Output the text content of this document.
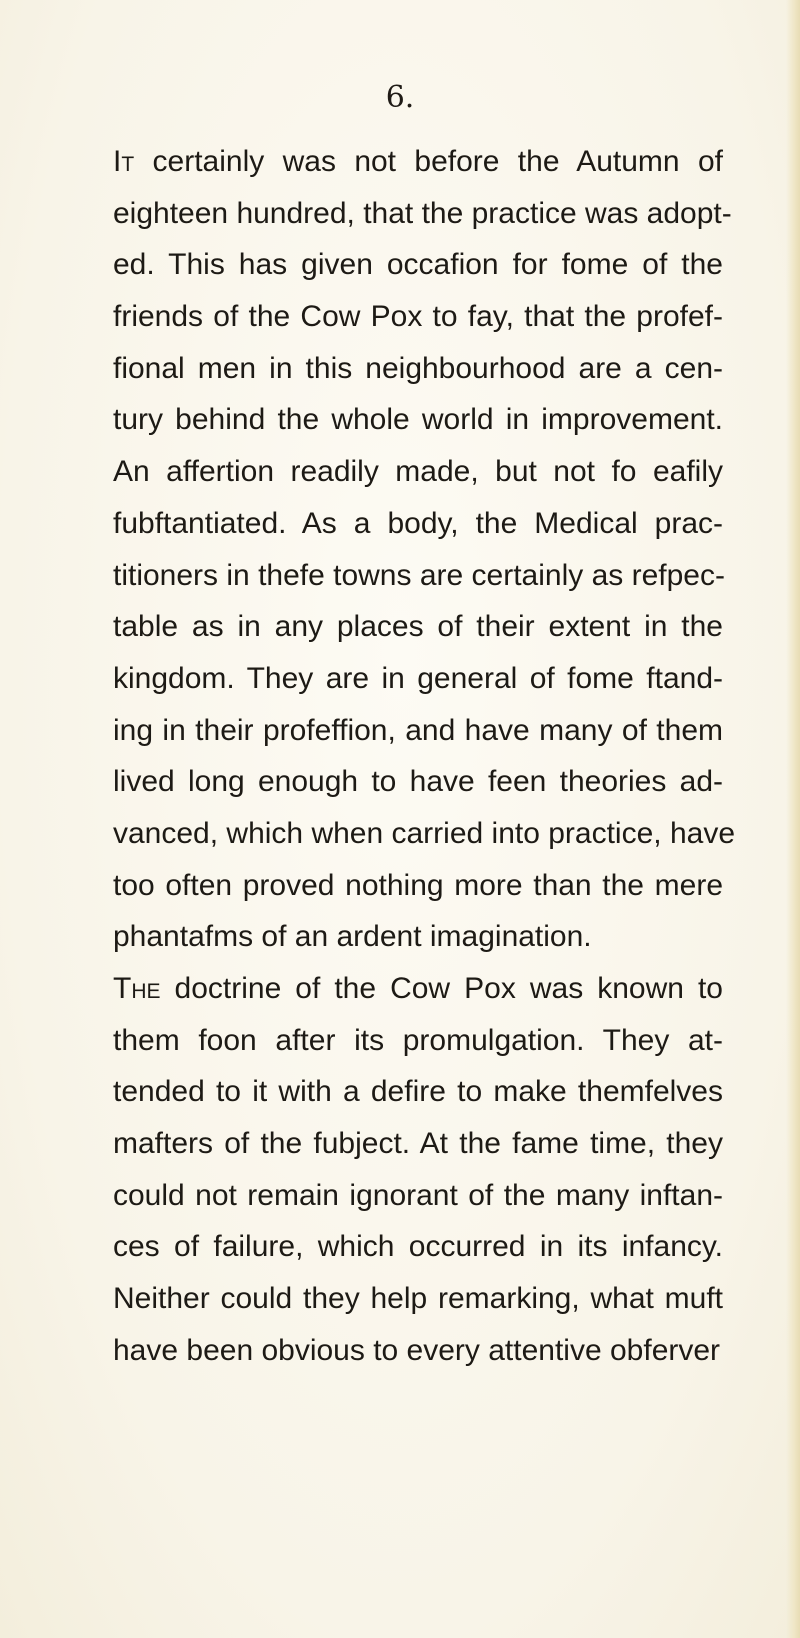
6.
It certainly was not before the Autumn of
eighteen hundred, that the practice was adopt-
ed. This has given occafion for fome of the
friends of the Cow Pox to fay, that the profef-
fional men in this neighbourhood are a cen-
tury behind the whole world in improvement.
An affertion readily made, but not fo eafily
fubftantiated. As a body, the Medical prac-
titioners in thefe towns are certainly as refpec-
table as in any places of their extent in the
kingdom. They are in general of fome ftand-
ing in their profeffion, and have many of them
lived long enough to have feen theories ad-
vanced, which when carried into practice, have
too often proved nothing more than the mere
phantafms of an ardent imagination.
The doctrine of the Cow Pox was known to
them foon after its promulgation. They at-
tended to it with a defire to make themfelves
mafters of the fubject. At the fame time, they
could not remain ignorant of the many inftan-
ces of failure, which occurred in its infancy.
Neither could they help remarking, what muft
have been obvious to every attentive obferver
